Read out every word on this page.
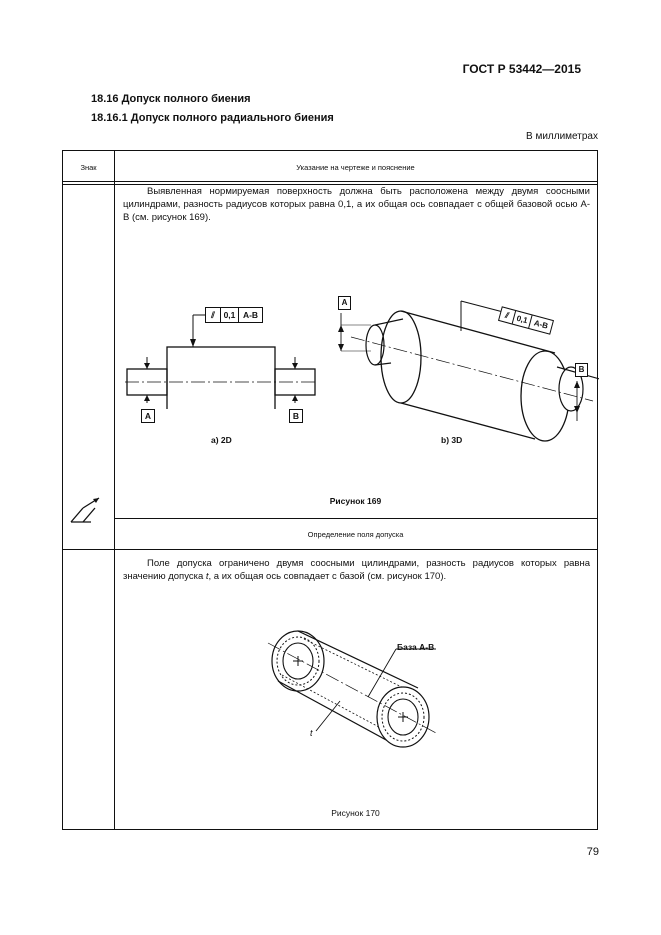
ГОСТ Р 53442—2015
18.16 Допуск полного биения
18.16.1 Допуск полного радиального биения
В миллиметрах
Знак	Указание на чертеже и пояснение
Выявленная нормируемая поверхность должна быть расположена между двумя соосными цилиндрами, разность радиусов которых равна 0,1, а их общая ось совпадает с общей базовой осью A-B (см. рисунок 169).
⫽	0,1 A-B
A	B
a) 2D
⫽ 0,1 A-B
A
B
b) 3D
Рисунок 169
Определение поля допуска
Поле допуска ограничено двумя соосными цилиндрами, разность радиусов которых равна значению допуска t, а их общая ось совпадает с базой (см. рисунок 170).
База A-B
t
Рисунок 170
79
